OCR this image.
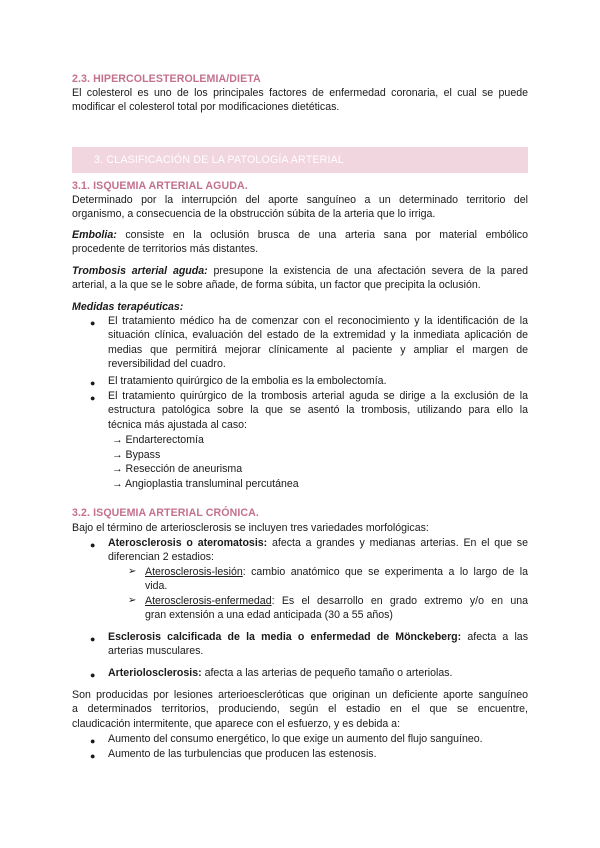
2.3. HIPERCOLESTEROLEMIA/DIETA
El colesterol es uno de los principales factores de enfermedad coronaria, el cual se puede
modificar el colesterol total por modificaciones dietéticas.
3. CLASIFICACIÓN DE LA PATOLOGÍA ARTERIAL
3.1. ISQUEMIA ARTERIAL AGUDA.
Determinado por la interrupción del aporte sanguíneo a un determinado territorio del
organismo, a consecuencia de la obstrucción súbita de la arteria que lo irriga.
Embolia: consiste en la oclusión brusca de una arteria sana por material embólico
procedente de territorios más distantes.
Trombosis arterial aguda: presupone la existencia de una afectación severa de la pared
arterial, a la que se le sobre añade, de forma súbita, un factor que precipita la oclusión.
Medidas terapéuticas:
● El tratamiento médico ha de comenzar con el reconocimiento y la identificación de la
situación clínica, evaluación del estado de la extremidad y la inmediata aplicación de
medias que permitirá mejorar clínicamente al paciente y ampliar el margen de
reversibilidad del cuadro.
● El tratamiento quirúrgico de la embolia es la embolectomía.
● El tratamiento quirúrgico de la trombosis arterial aguda se dirige a la exclusión de la
estructura patológica sobre la que se asentó la trombosis, utilizando para ello la
técnica más ajustada al caso:
→ Endarterectomía
→ Bypass
→ Resección de aneurisma
→ Angioplastia transluminal percutánea
3.2. ISQUEMIA ARTERIAL CRÓNICA.
Bajo el término de arteriosclerosis se incluyen tres variedades morfológicas:
● Aterosclerosis o ateromatosis: afecta a grandes y medianas arterias. En el que se
diferencian 2 estadios:
➢ Aterosclerosis-lesión: cambio anatómico que se experimenta a lo largo de la
vida.
➢ Aterosclerosis-enfermedad: Es el desarrollo en grado extremo y/o en una
gran extensión a una edad anticipada (30 a 55 años)
● Esclerosis calcificada de la media o enfermedad de Mönckeberg: afecta a las
arterias musculares.
● Arteriolosclerosis: afecta a las arterias de pequeño tamaño o arteriolas.
Son producidas por lesiones arterioescleróticas que originan un deficiente aporte sanguíneo
a determinados territorios, produciendo, según el estadio en el que se encuentre,
claudicación intermitente, que aparece con el esfuerzo, y es debida a:
● Aumento del consumo energético, lo que exige un aumento del flujo sanguíneo.
● Aumento de las turbulencias que producen las estenosis.
